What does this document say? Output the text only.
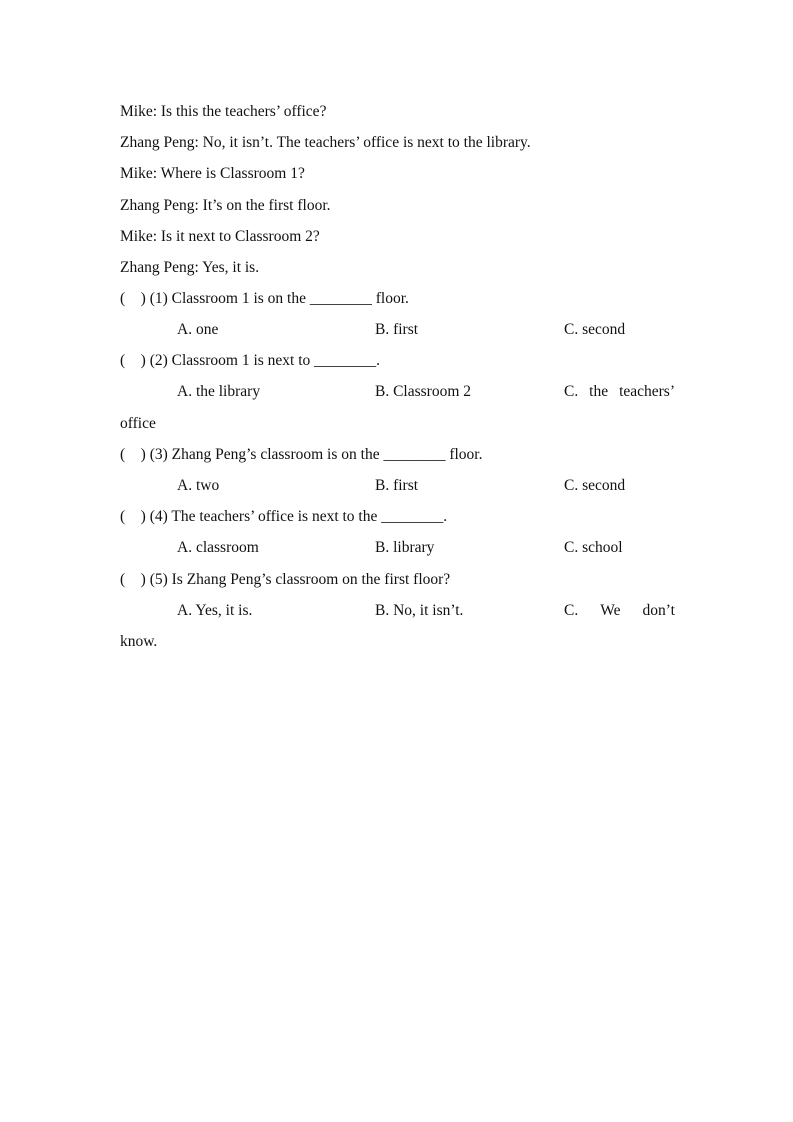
Mike: Is this the teachers’ office?
Zhang Peng: No, it isn’t. The teachers’ office is next to the library.
Mike: Where is Classroom 1?
Zhang Peng: It’s on the first floor.
Mike: Is it next to Classroom 2?
Zhang Peng: Yes, it is.
(    ) (1) Classroom 1 is on the ________ floor.
A. one	B. first	C. second
(    ) (2) Classroom 1 is next to ________.
A. the library	B. Classroom 2	C. the teachers’
office
(    ) (3) Zhang Peng’s classroom is on the ________ floor.
A. two	B. first	C. second
(    ) (4) The teachers’ office is next to the ________.
A. classroom	B. library	C. school
(    ) (5) Is Zhang Peng’s classroom on the first floor?
A. Yes, it is.	B. No, it isn’t.	C. We don’t
know.
